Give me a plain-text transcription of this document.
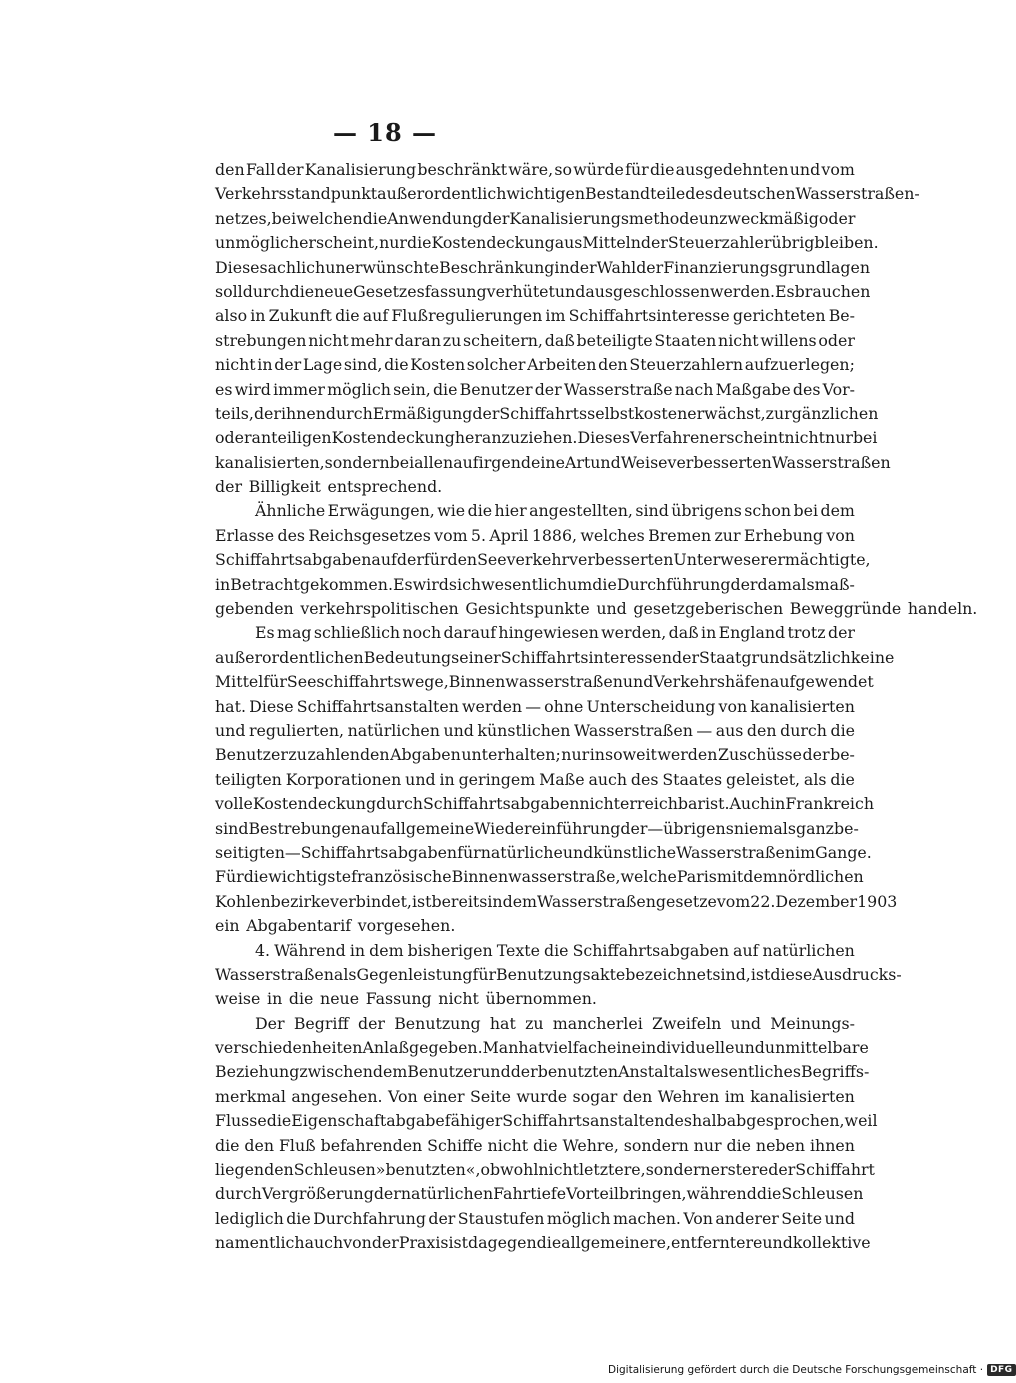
— 18 —
den Fall der Kanalisierung beschränkt wäre, so würde für die ausgedehnten und vom
Verkehrsstandpunkt außerordentlich wichtigen Bestandteile des deutschen Wasserstraßen-
netzes, bei welchen die Anwendung der Kanalisierungsmethode unzweckmäßig oder
unmöglich erscheint, nur die Kostendeckung aus Mitteln der Steuerzahler übrig bleiben.
Diese sachlich unerwünschte Beschränkung in der Wahl der Finanzierungsgrundlagen
soll durch die neue Gesetzesfassung verhütet und ausgeschlossen werden. Es brauchen
also in Zukunft die auf Flußregulierungen im Schiffahrtsinteresse gerichteten Be-
strebungen nicht mehr daran zu scheitern, daß beteiligte Staaten nicht willens oder
nicht in der Lage sind, die Kosten solcher Arbeiten den Steuerzahlern aufzuerlegen;
es wird immer möglich sein, die Benutzer der Wasserstraße nach Maßgabe des Vor-
teils, der ihnen durch Ermäßigung der Schiffahrtsselbstkosten erwächst, zur gänzlichen
oder anteiligen Kostendeckung heranzuziehen. Dieses Verfahren erscheint nicht nur bei
kanalisierten, sondern bei allen auf irgend eine Art und Weise verbesserten Wasserstraßen
der Billigkeit entsprechend.
Ähnliche Erwägungen, wie die hier angestellten, sind übrigens schon bei dem
Erlasse des Reichsgesetzes vom 5. April 1886, welches Bremen zur Erhebung von
Schiffahrtsabgaben auf der für den Seeverkehr verbesserten Unterweser ermächtigte,
in Betracht gekommen. Es wird sich wesentlich um die Durchführung der damals maß-
gebenden verkehrspolitischen Gesichtspunkte und gesetzgeberischen Beweggründe handeln.
Es mag schließlich noch darauf hingewiesen werden, daß in England trotz der
außerordentlichen Bedeutung seiner Schiffahrtsinteressen der Staat grundsätzlich keine
Mittel für Seeschiffahrtswege, Binnenwasserstraßen und Verkehrshäfen aufgewendet
hat. Diese Schiffahrtsanstalten werden — ohne Unterscheidung von kanalisierten
und regulierten, natürlichen und künstlichen Wasserstraßen — aus den durch die
Benutzer zu zahlenden Abgaben unterhalten; nur insoweit werden Zuschüsse der be-
teiligten Korporationen und in geringem Maße auch des Staates geleistet, als die
volle Kostendeckung durch Schiffahrtsabgaben nicht erreichbar ist. Auch in Frankreich
sind Bestrebungen auf allgemeine Wiedereinführung der — übrigens niemals ganz be-
seitigten — Schiffahrtsabgaben für natürliche und künstliche Wasserstraßen im Gange.
Für die wichtigste französische Binnenwasserstraße, welche Paris mit dem nördlichen
Kohlenbezirke verbindet, ist bereits in dem Wasserstraßengesetze vom 22. Dezember 1903
ein Abgabentarif vorgesehen.
4. Während in dem bisherigen Texte die Schiffahrtsabgaben auf natürlichen
Wasserstraßen als Gegenleistung für Benutzungsakte bezeichnet sind, ist diese Ausdrucks-
weise in die neue Fassung nicht übernommen.
Der Begriff der Benutzung hat zu mancherlei Zweifeln und Meinungs-
verschiedenheiten Anlaß gegeben. Man hat vielfach eine individuelle und unmittelbare
Beziehung zwischen dem Benutzer und der benutzten Anstalt als wesentliches Begriffs-
merkmal angesehen. Von einer Seite wurde sogar den Wehren im kanalisierten
Flusse die Eigenschaft abgabefähiger Schiffahrtsanstalten deshalb abgesprochen, weil
die den Fluß befahrenden Schiffe nicht die Wehre, sondern nur die neben ihnen
liegenden Schleusen »benutzten«, obwohl nicht letztere, sondern erstere der Schiffahrt
durch Vergrößerung der natürlichen Fahrtiefe Vorteil bringen, während die Schleusen
lediglich die Durchfahrung der Staustufen möglich machen. Von anderer Seite und
namentlich auch von der Praxis ist dagegen die allgemeinere, entferntere und kollektive
Digitalisierung gefördert durch die Deutsche Forschungsgemeinschaft · DFG
